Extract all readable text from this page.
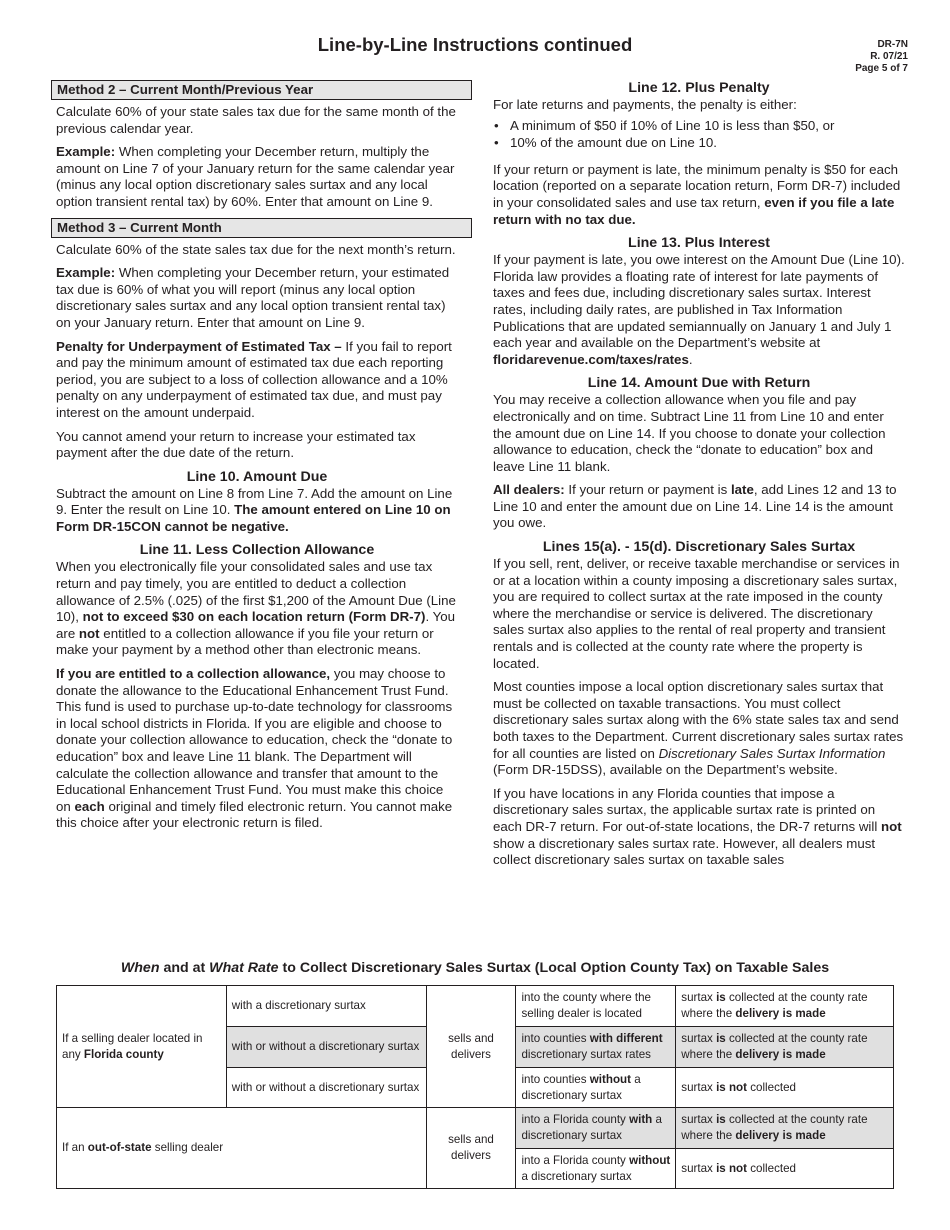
Line-by-Line Instructions continued	DR-7N
R. 07/21
Page 5 of 7
Method 2 – Current Month/Previous Year

Calculate 60% of your state sales tax due for the same month of the previous calendar year.

Example: When completing your December return, multiply the amount on Line 7 of your January return for the same calendar year (minus any local option discretionary sales surtax and any local option transient rental tax) by 60%. Enter that amount on Line 9.

Method 3 – Current Month

Calculate 60% of the state sales tax due for the next month’s return.

Example: When completing your December return, your estimated tax due is 60% of what you will report (minus any local option discretionary sales surtax and any local option transient rental tax) on your January return. Enter that amount on Line 9.

Penalty for Underpayment of Estimated Tax – If you fail to report and pay the minimum amount of estimated tax due each reporting period, you are subject to a loss of collection allowance and a 10% penalty on any underpayment of estimated tax due, and must pay interest on the amount underpaid.

You cannot amend your return to increase your estimated tax payment after the due date of the return.

Line 10. Amount Due

Subtract the amount on Line 8 from Line 7. Add the amount on Line 9. Enter the result on Line 10. The amount entered on Line 10 on Form DR-15CON cannot be negative.

Line 11. Less Collection Allowance

When you electronically file your consolidated sales and use tax return and pay timely, you are entitled to deduct a collection allowance of 2.5% (.025) of the first $1,200 of the Amount Due (Line 10), not to exceed $30 on each location return (Form DR-7). You are not entitled to a collection allowance if you file your return or make your payment by a method other than electronic means.

If you are entitled to a collection allowance, you may choose to donate the allowance to the Educational Enhancement Trust Fund. This fund is used to purchase up-to-date technology for classrooms in local school districts in Florida. If you are eligible and choose to donate your collection allowance to education, check the “donate to education” box and leave Line 11 blank. The Department will calculate the collection allowance and transfer that amount to the Educational Enhancement Trust Fund. You must make this choice on each original and timely filed electronic return. You cannot make this choice after your electronic return is filed.

Line 12. Plus Penalty

For late returns and payments, the penalty is either:

• A minimum of $50 if 10% of Line 10 is less than $50, or
• 10% of the amount due on Line 10.

If your return or payment is late, the minimum penalty is $50 for each location (reported on a separate location return, Form DR-7) included in your consolidated sales and use tax return, even if you file a late return with no tax due.

Line 13. Plus Interest

If your payment is late, you owe interest on the Amount Due (Line 10). Florida law provides a floating rate of interest for late payments of taxes and fees due, including discretionary sales surtax. Interest rates, including daily rates, are published in Tax Information Publications that are updated semiannually on January 1 and July 1 each year and available on the Department’s website at floridarevenue.com/taxes/rates.

Line 14. Amount Due with Return

You may receive a collection allowance when you file and pay electronically and on time. Subtract Line 11 from Line 10 and enter the amount due on Line 14. If you choose to donate your collection allowance to education, check the “donate to education” box and leave Line 11 blank.

All dealers: If your return or payment is late, add Lines 12 and 13 to Line 10 and enter the amount due on Line 14. Line 14 is the amount you owe.

Lines 15(a). - 15(d). Discretionary Sales Surtax

If you sell, rent, deliver, or receive taxable merchandise or services in or at a location within a county imposing a discretionary sales surtax, you are required to collect surtax at the rate imposed in the county where the merchandise or service is delivered. The discretionary sales surtax also applies to the rental of real property and transient rentals and is collected at the county rate where the property is located.

Most counties impose a local option discretionary sales surtax that must be collected on taxable transactions. You must collect discretionary sales surtax along with the 6% state sales tax and send both taxes to the Department. Current discretionary sales surtax rates for all counties are listed on Discretionary Sales Surtax Information (Form DR-15DSS), available on the Department’s website.

If you have locations in any Florida counties that impose a discretionary sales surtax, the applicable surtax rate is printed on each DR-7 return. For out-of-state locations, the DR-7 returns will not show a discretionary sales surtax rate. However, all dealers must collect discretionary sales surtax on taxable sales

When and at What Rate to Collect Discretionary Sales Surtax (Local Option County Tax) on Taxable Sales
If a selling dealer located in any Florida county	with a discretionary surtax	sells and delivers	into the county where the selling dealer is located	surtax is collected at the county rate where the delivery is made
	with or without a discretionary surtax		into counties with different discretionary surtax rates	surtax is collected at the county rate where the delivery is made
	with or without a discretionary surtax		into counties without a discretionary surtax	surtax is not collected
If an out-of-state selling dealer		sells and delivers	into a Florida county with a discretionary surtax	surtax is collected at the county rate where the delivery is made
			into a Florida county without a discretionary surtax	surtax is not collected
